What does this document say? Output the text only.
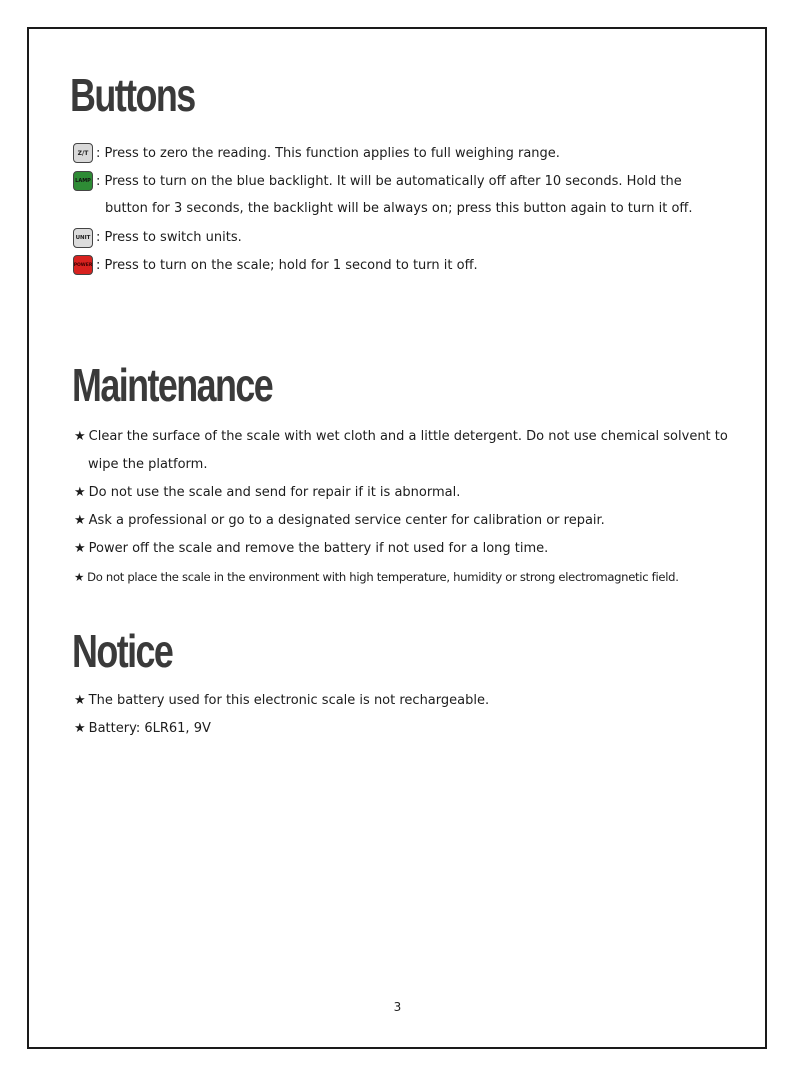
Buttons
Z/T : Press to zero the reading. This function applies to full weighing range.
LAMP : Press to turn on the blue backlight. It will be automatically off after 10 seconds. Hold the
button for 3 seconds, the backlight will be always on; press this button again to turn it off.
UNIT : Press to switch units.
POWER : Press to turn on the scale; hold for 1 second to turn it off.
Maintenance
★ Clear the surface of the scale with wet cloth and a little detergent. Do not use chemical solvent to
wipe the platform.
★ Do not use the scale and send for repair if it is abnormal.
★ Ask a professional or go to a designated service center for calibration or repair.
★ Power off the scale and remove the battery if not used for a long time.
★ Do not place the scale in the environment with high temperature, humidity or strong electromagnetic field.
Notice
★ The battery used for this electronic scale is not rechargeable.
★ Battery: 6LR61, 9V
3
